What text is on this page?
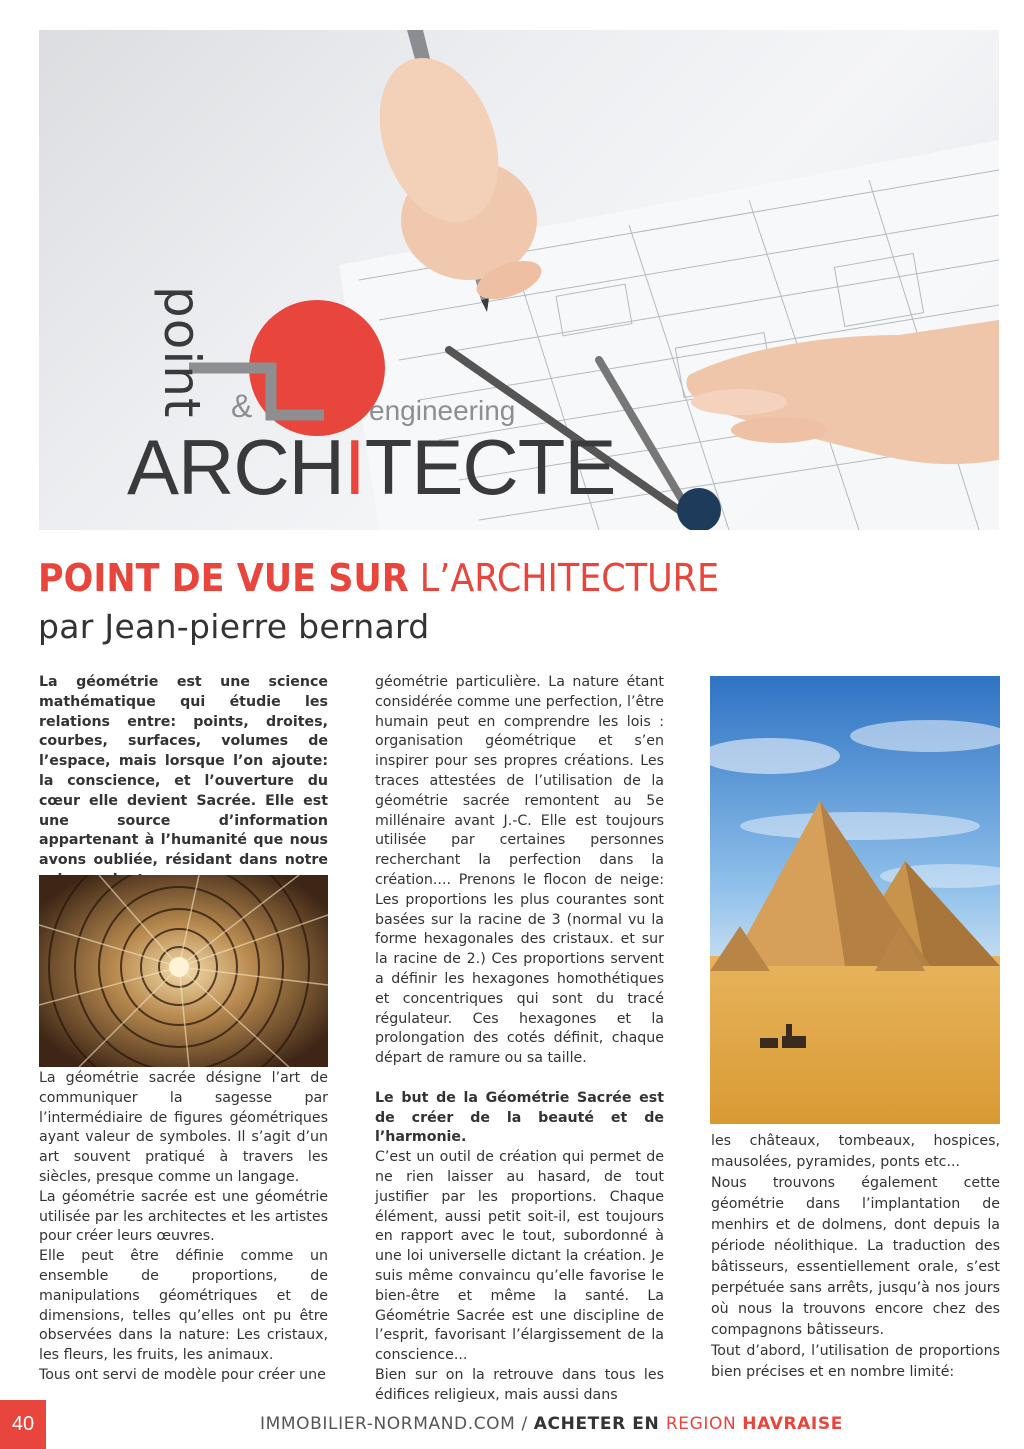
point &	engineering
ARCHITECTE
POINT DE VUE SUR L’ARCHITECTURE
par Jean-pierre bernard

La géométrie est une science mathématique qui étudie les relations entre: points, droites, courbes, surfaces, volumes de l’espace, mais lorsque l’on ajoute: la conscience, et l’ouverture du cœur elle devient Sacrée. Elle est une source d’information appartenant à l’humanité que nous avons oubliée, résidant dans notre

La géométrie sacrée désigne l’art de communiquer la sagesse par l’intermédiaire de figures géométriques ayant valeur de symboles. Il s’agit d’un art souvent pratiqué à travers les siècles, presque comme un langage.

La géométrie sacrée est une géométrie utilisée par les architectes et les artistes pour créer leurs œuvres.

Elle peut être définie comme un ensemble de proportions, de manipulations géométriques et de dimensions, telles qu’elles ont pu être observées dans la nature: Les cristaux, les fleurs, les fruits, les animaux.

Tous ont servi de modèle pour créer une

géométrie particulière. La nature étant considérée comme une perfection, l’être humain peut en comprendre les lois : organisation géométrique et s’en inspirer pour ses propres créations. Les traces attestées de l’utilisation de la géométrie sacrée remontent au 5e millénaire avant J.-C. Elle est toujours utilisée par certaines personnes recherchant la perfection dans la création.... Prenons le flocon de neige: Les proportions les plus courantes sont basées sur la racine de 3 (normal vu la forme hexagonales des cristaux. et sur la racine de 2.) Ces proportions servent a définir les hexagones homothétiques et concentriques qui sont du tracé régulateur. Ces hexagones et la prolongation des cotés définit, chaque départ de ramure ou sa taille.

Le but de la Géométrie Sacrée est de créer de la beauté et de l’harmonie.

C’est un outil de création qui permet de ne rien laisser au hasard, de tout justifier par les proportions. Chaque élément, aussi petit soit-il, est toujours en rapport avec le tout, subordonné à une loi universelle dictant la création. Je suis même convaincu qu’elle favorise le bien-être et même la santé. La Géométrie Sacrée est une discipline de l’esprit, favorisant l’élargissement de la conscience...

Bien sur on la retrouve dans tous les édifices religieux, mais aussi dans

les châteaux, tombeaux, hospices, mausolées, pyramides, ponts etc...

Nous trouvons également cette géométrie dans l’implantation de menhirs et de dolmens, dont depuis la période néolithique. La traduction des bâtisseurs, essentiellement orale, s’est perpétuée sans arrêts, jusqu’à nos jours où nous la trouvons encore chez des compagnons bâtisseurs.

Tout d’abord, l’utilisation de proportions bien précises et en nombre limité:

40	IMMOBILIER-NORMAND.COM / ACHETER EN REGION HAVRAISE
